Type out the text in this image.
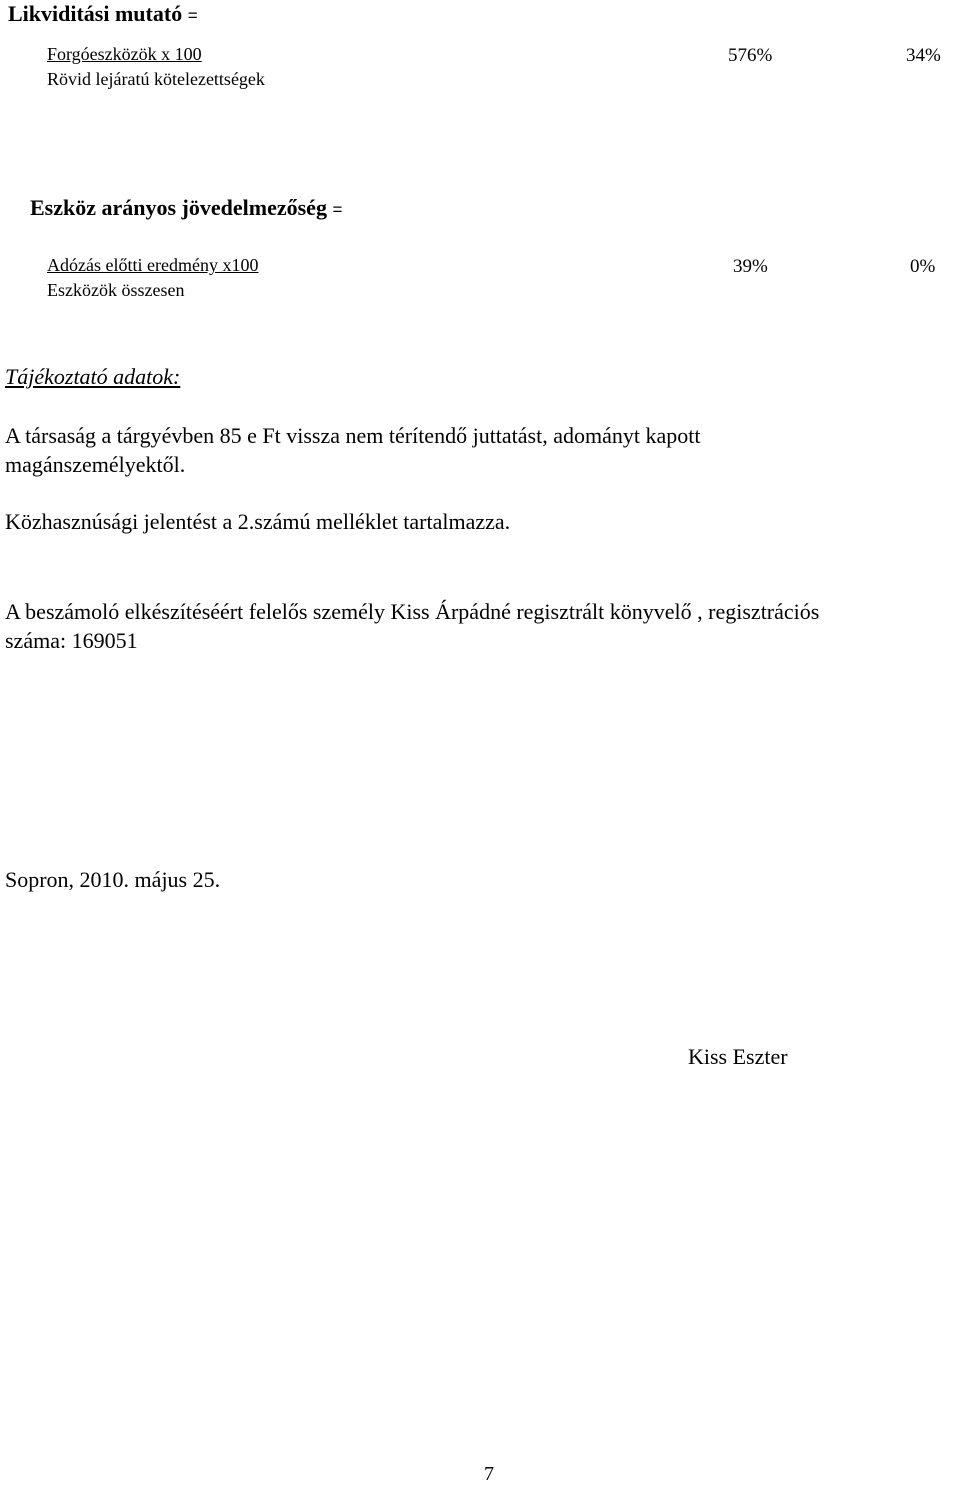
Likviditási mutató =
Forgóeszközök x 100
Rövid lejáratú kötelezettségek
576%	34%
Eszköz arányos jövedelmezőség =
Adózás előtti eredmény x100
Eszközök összesen
39%	0%
Tájékoztató adatok:
A társaság a tárgyévben 85 e Ft vissza nem térítendő juttatást, adományt kapott
magánszemélyektől.
Közhasznúsági jelentést a 2.számú melléklet tartalmazza.
A beszámoló elkészítéséért felelős személy Kiss Árpádné regisztrált könyvelő , regisztrációs
száma: 169051
Sopron, 2010. május 25.
Kiss Eszter
7
